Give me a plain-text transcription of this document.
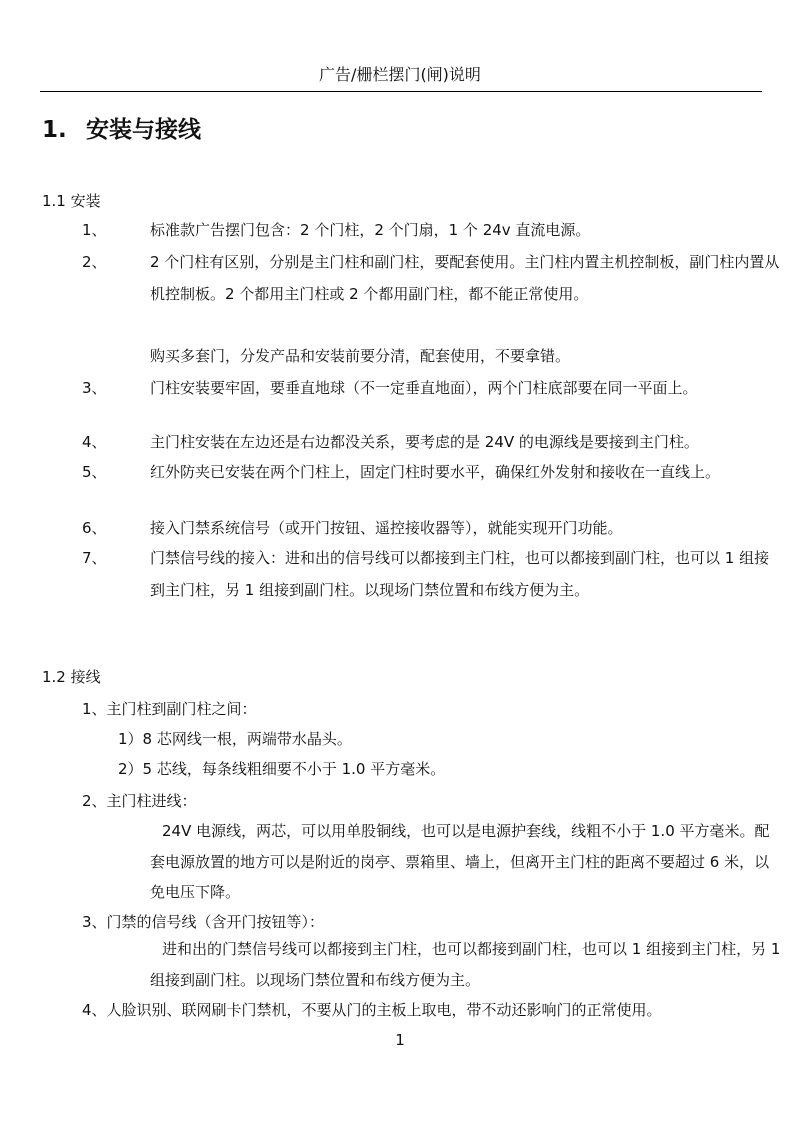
广告/栅栏摆门(闸)说明
1. 安装与接线
1.1 安装
1、	标准款广告摆门包含：2 个门柱，2 个门扇，1 个 24v 直流电源。
2、	2 个门柱有区别，分别是主门柱和副门柱，要配套使用。主门柱内置主机控制板，副门柱内置从机控制板。2 个都用主门柱或 2 个都用副门柱，都不能正常使用。
购买多套门，分发产品和安装前要分清，配套使用，不要拿错。
3、	门柱安装要牢固，要垂直地球（不一定垂直地面），两个门柱底部要在同一平面上。
4、	主门柱安装在左边还是右边都没关系，要考虑的是 24V 的电源线是要接到主门柱。
5、	红外防夹已安装在两个门柱上，固定门柱时要水平，确保红外发射和接收在一直线上。
6、	接入门禁系统信号（或开门按钮、遥控接收器等），就能实现开门功能。
7、	门禁信号线的接入：进和出的信号线可以都接到主门柱，也可以都接到副门柱，也可以 1 组接到主门柱，另 1 组接到副门柱。以现场门禁位置和布线方便为主。
1.2 接线
1、主门柱到副门柱之间：
1）8 芯网线一根，两端带水晶头。
2）5 芯线，每条线粗细要不小于 1.0 平方毫米。
2、主门柱进线：
24V 电源线，两芯，可以用单股铜线，也可以是电源护套线，线粗不小于 1.0 平方毫米。配套电源放置的地方可以是附近的岗亭、票箱里、墙上，但离开主门柱的距离不要超过 6 米，以免电压下降。
3、门禁的信号线（含开门按钮等）：
进和出的门禁信号线可以都接到主门柱，也可以都接到副门柱，也可以 1 组接到主门柱，另 1 组接到副门柱。以现场门禁位置和布线方便为主。
4、人脸识别、联网刷卡门禁机，不要从门的主板上取电，带不动还影响门的正常使用。
1
